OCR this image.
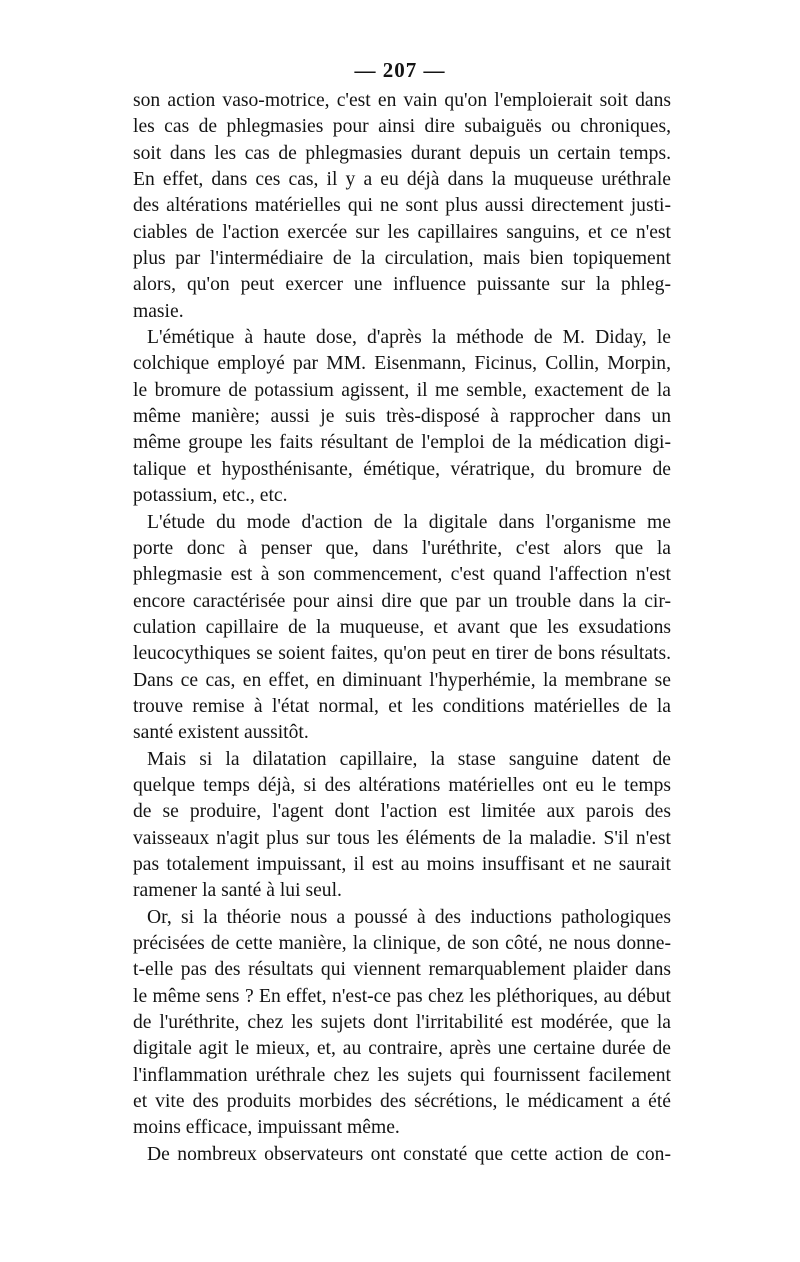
— 207 —
son action vaso-motrice, c'est en vain qu'on l'emploierait soit dans
les cas de phlegmasies pour ainsi dire subaiguës ou chroniques,
soit dans les cas de phlegmasies durant depuis un certain temps.
En effet, dans ces cas, il y a eu déjà dans la muqueuse uréthrale
des altérations matérielles qui ne sont plus aussi directement justi-
ciables de l'action exercée sur les capillaires sanguins, et ce n'est
plus par l'intermédiaire de la circulation, mais bien topiquement
alors, qu'on peut exercer une influence puissante sur la phleg-
masie.
L'émétique à haute dose, d'après la méthode de M. Diday, le
colchique employé par MM. Eisenmann, Ficinus, Collin, Morpin,
le bromure de potassium agissent, il me semble, exactement de la
même manière; aussi je suis très-disposé à rapprocher dans un
même groupe les faits résultant de l'emploi de la médication digi-
talique et hyposthénisante, émétique, vératrique, du bromure de
potassium, etc., etc.
L'étude du mode d'action de la digitale dans l'organisme me
porte donc à penser que, dans l'uréthrite, c'est alors que la
phlegmasie est à son commencement, c'est quand l'affection n'est
encore caractérisée pour ainsi dire que par un trouble dans la cir-
culation capillaire de la muqueuse, et avant que les exsudations
leucocythiques se soient faites, qu'on peut en tirer de bons résultats.
Dans ce cas, en effet, en diminuant l'hyperhémie, la membrane se
trouve remise à l'état normal, et les conditions matérielles de la
santé existent aussitôt.
Mais si la dilatation capillaire, la stase sanguine datent de
quelque temps déjà, si des altérations matérielles ont eu le temps
de se produire, l'agent dont l'action est limitée aux parois des
vaisseaux n'agit plus sur tous les éléments de la maladie. S'il n'est
pas totalement impuissant, il est au moins insuffisant et ne saurait
ramener la santé à lui seul.
Or, si la théorie nous a poussé à des inductions pathologiques
précisées de cette manière, la clinique, de son côté, ne nous donne-
t-elle pas des résultats qui viennent remarquablement plaider dans
le même sens ? En effet, n'est-ce pas chez les pléthoriques, au début
de l'uréthrite, chez les sujets dont l'irritabilité est modérée, que la
digitale agit le mieux, et, au contraire, après une certaine durée de
l'inflammation uréthrale chez les sujets qui fournissent facilement
et vite des produits morbides des sécrétions, le médicament a été
moins efficace, impuissant même.
De nombreux observateurs ont constaté que cette action de con-
